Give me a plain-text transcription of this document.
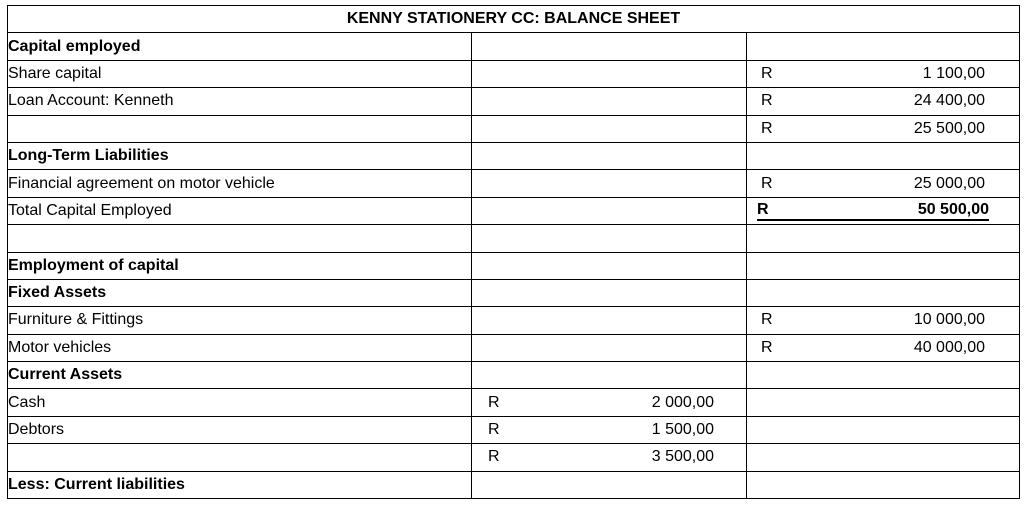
KENNY STATIONERY CC: BALANCE SHEET		
Capital employed		
Share capital		R 1 100,00

Loan Account: Kenneth		R 24 400,00

		R 25 500,00

Long-Term Liabilities		
Financial agreement on motor vehicle		R 25 000,00

Total Capital Employed		R 50 500,00

Employment of capital		
Fixed Assets		
Furniture & Fittings		R 10 000,00

Motor vehicles		R 40 000,00

Current Assets		
Cash	R 2 000,00	

Debtors	R 1 500,00	

	R 3 500,00	

Less: Current liabilities		
